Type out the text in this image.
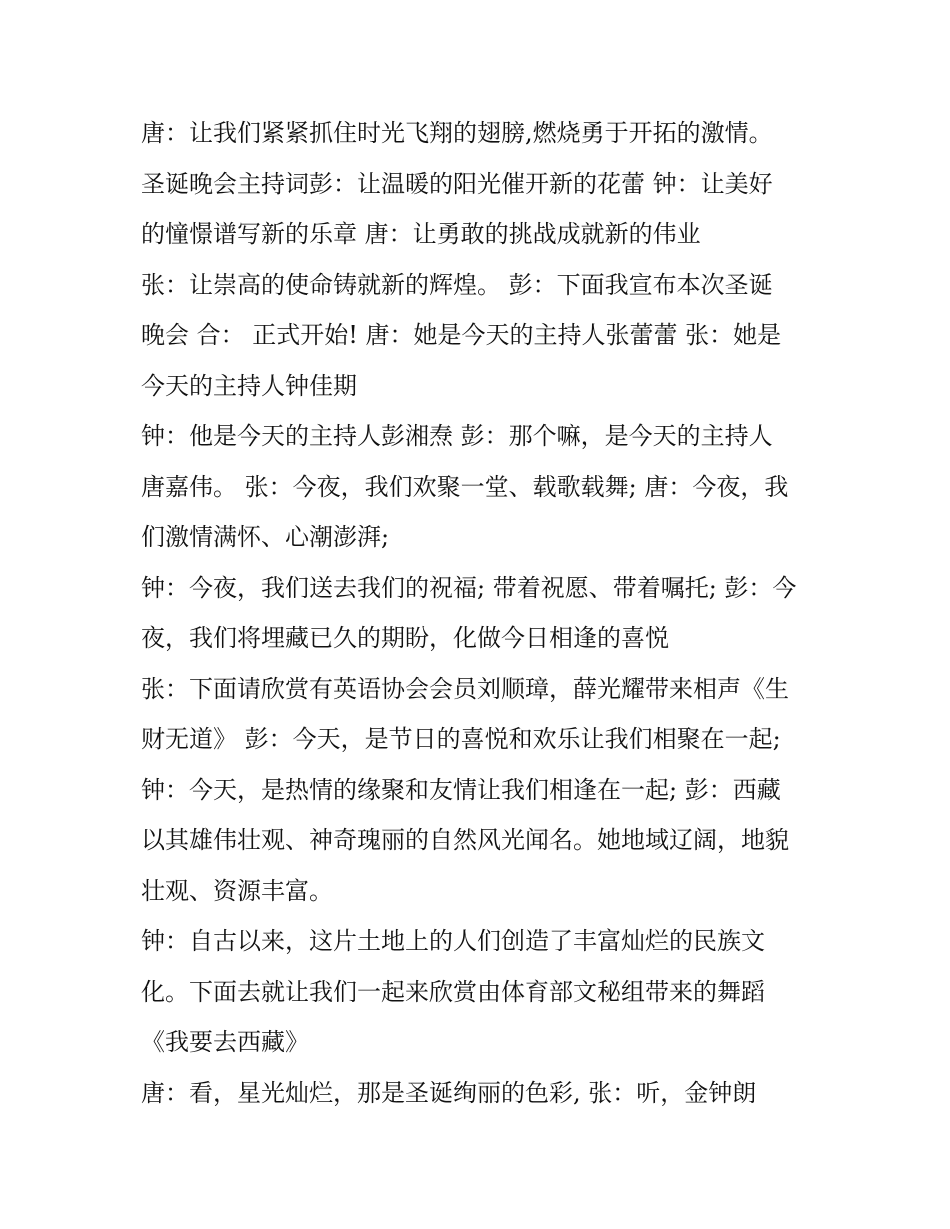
唐：让我们紧紧抓住时光飞翔的翅膀,燃烧勇于开拓的激情。
圣诞晚会主持词彭：让温暖的阳光催开新的花蕾 钟：让美好
的憧憬谱写新的乐章 唐：让勇敢的挑战成就新的伟业
张：让崇高的使命铸就新的辉煌。 彭：下面我宣布本次圣诞
晚会 合： 正式开始! 唐：她是今天的主持人张蕾蕾 张：她是
今天的主持人钟佳期
钟：他是今天的主持人彭湘焘 彭：那个嘛，是今天的主持人
唐嘉伟。 张：今夜，我们欢聚一堂、载歌载舞; 唐：今夜，我
们激情满怀、心潮澎湃;
钟：今夜，我们送去我们的祝福; 带着祝愿、带着嘱托; 彭：今
夜，我们将埋藏已久的期盼，化做今日相逢的喜悦
张：下面请欣赏有英语协会会员刘顺璋，薛光耀带来相声《生
财无道》 彭：今天，是节日的喜悦和欢乐让我们相聚在一起;
钟：今天，是热情的缘聚和友情让我们相逢在一起; 彭：西藏
以其雄伟壮观、神奇瑰丽的自然风光闻名。她地域辽阔，地貌
壮观、资源丰富。
钟：自古以来，这片土地上的人们创造了丰富灿烂的民族文
化。下面去就让我们一起来欣赏由体育部文秘组带来的舞蹈
《我要去西藏》
唐：看，星光灿烂，那是圣诞绚丽的色彩, 张：听，金钟朗
